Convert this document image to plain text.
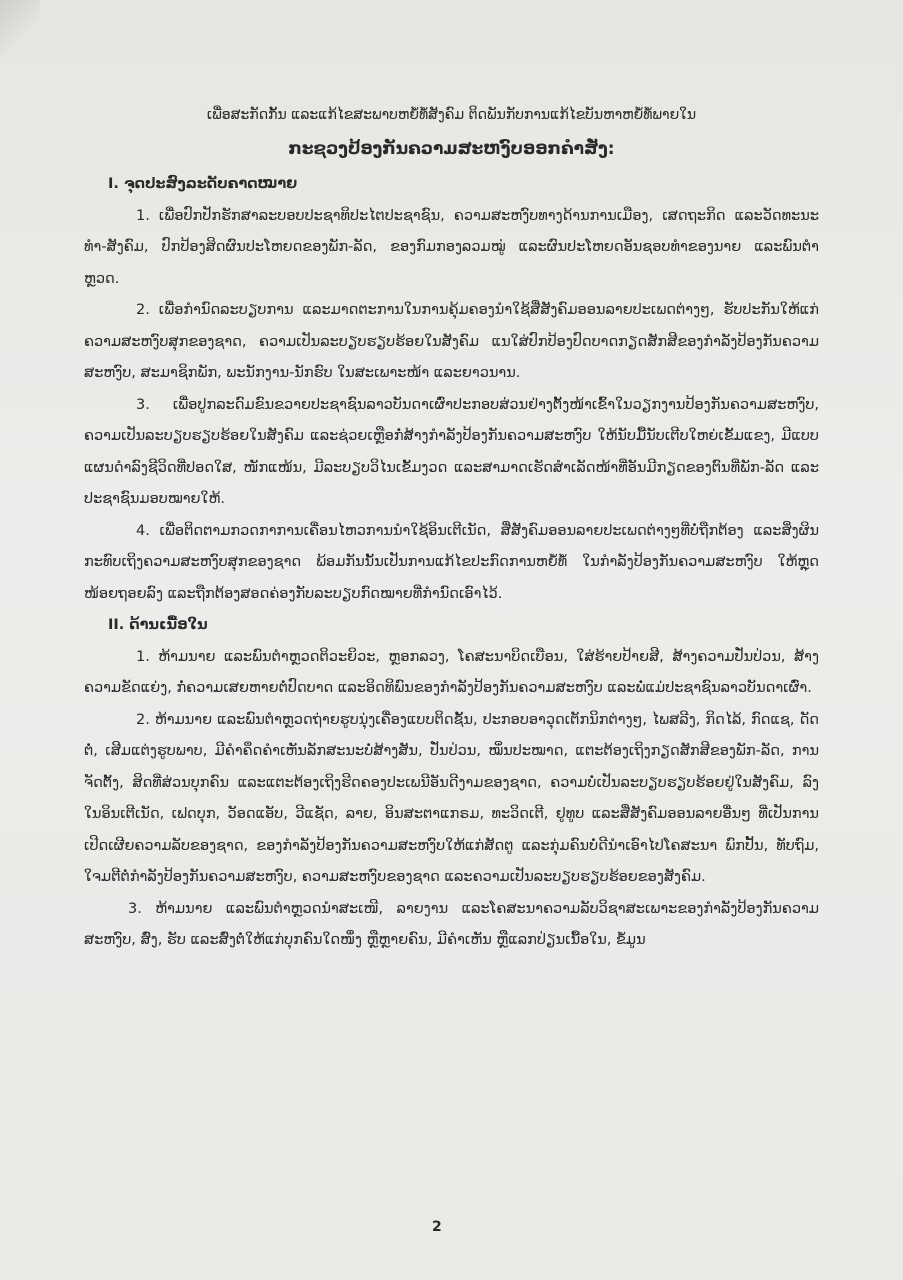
ເພື່ອສະກັດກັ້ນ ແລະແກ້ໄຂສະພາບຫຍໍ້ທໍ້ສັງຄົມ ຕິດພັນກັບການແກ້ໄຂບັນຫາຫຍໍ້ທໍ້ພາຍໃນ

ກະຊວງປ້ອງກັນຄວາມສະຫງົບອອກຄໍາສັ່ງ:

I. ຈຸດປະສົງລະດັບຄາດໝາຍ

1. ເພື່ອປົກປັກຮັກສາລະບອບປະຊາທິປະໄຕປະຊາຊົນ, ຄວາມສະຫງົບທາງດ້ານການເມືອງ, ເສດຖະກິດ ແລະວັດທະນະທໍາ-ສັງຄົມ, ປົກປ້ອງສິດຜົນປະໂຫຍດຂອງພັກ-ລັດ, ຂອງກົມກອງລວມໝູ່ ແລະຜົນປະໂຫຍດອັນຊອບທໍາຂອງນາຍ ແລະພົນຕໍາຫຼວດ.

2. ເພື່ອກໍານົດລະບຽບການ ແລະມາດຕະການໃນການຄຸ້ມຄອງນໍາໃຊ້ສື່ສັງຄົມອອນລາຍປະເພດຕ່າງໆ, ຮັບປະກັນໃຫ້ແກ່ຄວາມສະຫງົບສຸກຂອງຊາດ, ຄວາມເປັນລະບຽບຮຽບຮ້ອຍໃນສັງຄົມ ແນໃສ່ປົກປ້ອງປົດບາດກຽດສັກສີຂອງກໍາລັງປ້ອງກັນຄວາມສະຫງົບ, ສະມາຊິກພັກ, ພະນັກງານ-ນັກຮົບ ໃນສະເພາະໜ້າ ແລະຍາວນານ.

3. ເພື່ອປູກລະດົມຂົນຂວາຍປະຊາຊົນລາວບັນດາເຜົ່າປະກອບສ່ວນຢ່າງຕັ້ງໜ້າເຂົ້າໃນວຽກງານປ້ອງກັນຄວາມສະຫງົບ, ຄວາມເປັນລະບຽບຮຽບຮ້ອຍໃນສັງຄົມ ແລະຊ່ວຍເຫຼືອກໍ່ສ້າງກໍາລັງປ້ອງກັນຄວາມສະຫງົບ ໃຫ້ນັບມື້ນັບເຕີບໃຫຍ່ເຂັ້ມແຂງ, ມີແບບແຜນດໍາລົງຊີວິດທີ່ປອດໃສ, ໜັກແໜ້ນ, ມີລະບຽບວິໄນເຂັ້ມງວດ ແລະສາມາດເຮັດສໍາເລັດໜ້າທີ່ອັນມີກຽດຂອງຕົນທີ່ພັກ-ລັດ ແລະປະຊາຊົນມອບໝາຍໃຫ້.

4. ເພື່ອຕິດຕາມກວດກາການເຄື່ອນໄຫວການນໍາໃຊ້ອິນເຕີເນັດ, ສື່ສັງຄົມອອນລາຍປະເພດຕ່າງໆທີ່ບໍ່ຖືກຕ້ອງ ແລະສິ່ງຜິນກະທົບເຖິງຄວາມສະຫງົບສຸກຂອງຊາດ ພ້ອມກັນນັ້ນເປັນການແກ້ໄຂປະກົດການຫຍໍ້ທໍ້ ໃນກໍາລັງປ້ອງກັນຄວາມສະຫງົບ ໃຫ້ຫຼຸດໜ້ອຍຖອຍລົງ ແລະຖືກຕ້ອງສອດຄ່ອງກັບລະບຽບກົດໝາຍທີ່ກໍານົດເອົາໄວ້.

II. ດ້ານເນື້ອໃນ

1. ຫ້າມນາຍ ແລະພົນຕໍາຫຼວດຕິວະຍິວະ, ຫຼອກລວງ, ໂຄສະນາບິດເບືອນ, ໃສ່ຮ້າຍປ້າຍສີ, ສ້າງຄວາມປັ່ນປ່ວນ, ສ້າງຄວາມຂັດແຍ່ງ, ກໍ່ຄວາມເສຍຫາຍຕໍ່ປົດບາດ ແລະອິດທິພົນຂອງກໍາລັງປ້ອງກັນຄວາມສະຫງົບ ແລະພໍ່ແມ່ປະຊາຊົນລາວບັນດາເຜົ່າ.

2. ຫ້າມນາຍ ແລະພົນຕໍາຫຼວດຖ່າຍຮູບນຸ່ງເຄື່ອງແບບຕິດຊັ້ນ, ປະກອບອາວຸດເຕັກນິກຕ່າງໆ, ໄພສລີງ, ກິດໄລ້, ກົດແຊ, ດັດຕໍ່, ເສີມແຕ່ງຮູບພາບ, ມີຄໍາຄຶດຄໍາເຫັນລັກສະນະບໍ່ສ້າງສັນ, ປັ່ນປ່ວນ, ໝິ່ນປະໝາດ, ແຕະຕ້ອງເຖິງກຽດສັກສີຂອງພັກ-ລັດ, ການຈັດຕັ້ງ, ສິດທີ່ສ່ວນບຸກຄົນ ແລະແຕະຕ້ອງເຖິງຮີດຄອງປະເພນີອັນດີງາມຂອງຊາດ, ຄວາມບໍ່ເປັນລະບຽບຮຽບຮ້ອຍຢູ່ໃນສັງຄົມ, ລົງໃນອິນເຕີເນັດ, ເຟດບຸກ, ວັອດແອັບ, ວີແຊັດ, ລາຍ, ອິນສະຕາແກຣມ, ທະວິດເຕີ, ຢູທູບ ແລະສື່ສັງຄົມອອນລາຍອື່ນໆ ທີ່ເປັນການເປີດເຜີຍຄວາມລັບຂອງຊາດ, ຂອງກໍາລັງປ້ອງກັນຄວາມສະຫງົບໃຫ້ແກ່ສັດຕູ ແລະກຸ່ມຄົນບໍ່ດີນໍາເອົາໄປໂຄສະນາ ພົກປັ້ນ, ທັບຖົມ, ໃຈມຕີຕໍ່ກໍາລັງປ້ອງກັນຄວາມສະຫງົບ, ຄວາມສະຫງົບຂອງຊາດ ແລະຄວາມເປັນລະບຽບຮຽບຮ້ອຍຂອງສັງຄົມ.

3. ຫ້າມນາຍ ແລະພົນຕໍາຫຼວດນໍາສະເໜີ, ລາຍງານ ແລະໂຄສະນາຄວາມລັບວິຊາສະເພາະຂອງກໍາລັງປ້ອງກັນຄວາມສະຫງົບ, ສົ່ງ, ຮັບ ແລະສົ່ງຕໍ່ໃຫ້ແກ່ບຸກຄົນໃດໜຶ່ງ ຫຼືຫຼາຍຄົນ, ມີຄໍາເຫັນ ຫຼືແລກປ່ຽນເນື້ອໃນ, ຂໍ້ມູນ

2
